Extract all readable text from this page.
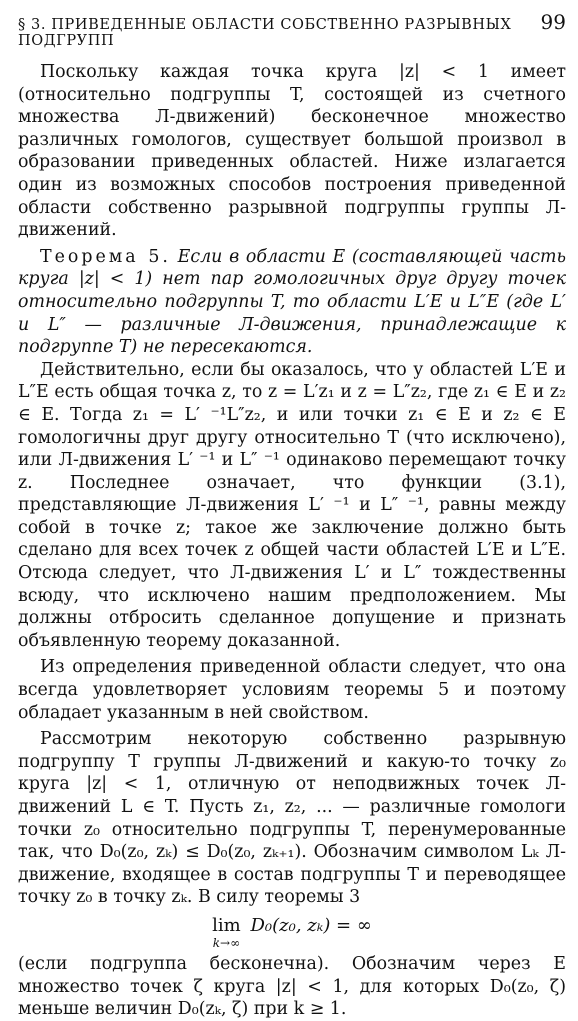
§ 3. ПРИВЕДЕННЫЕ ОБЛАСТИ СОБСТВЕННО РАЗРЫВНЫХ ПОДГРУПП
99

Поскольку каждая точка круга |z| < 1 имеет (относительно подгруппы T, состоящей из счетного множества Л-движений) бесконечное множество различных гомологов, существует большой произвол в образовании приведенных областей. Ниже излагается один из возможных способов построения приведенной области собственно разрывной подгруппы группы Л-движений.

Теорема 5. Если в области E (составляющей часть круга |z| < 1) нет пар гомологичных друг другу точек относительно подгруппы T, то области L′E и L″E (где L′ и L″ — различные Л-движения, принадлежащие к подгруппе T) не пересекаются.

Действительно, если бы оказалось, что у областей L′E и L″E есть общая точка z, то z = L′z₁ и z = L″z₂, где z₁ ∈ E и z₂ ∈ E. Тогда z₁ = L′ ⁻¹L″z₂, и или точки z₁ ∈ E и z₂ ∈ E гомологичны друг другу относительно T (что исключено), или Л-движения L′ ⁻¹ и L″ ⁻¹ одинаково перемещают точку z. Последнее означает, что функции (3.1), представляющие Л-движения L′ ⁻¹ и L″ ⁻¹, равны между собой в точке z; такое же заключение должно быть сделано для всех точек z общей части областей L′E и L″E. Отсюда следует, что Л-движения L′ и L″ тождественны всюду, что исключено нашим предположением. Мы должны отбросить сделанное допущение и признать объявленную теорему доказанной.

Из определения приведенной области следует, что она всегда удовлетворяет условиям теоремы 5 и поэтому обладает указанным в ней свойством.

Рассмотрим некоторую собственно разрывную подгруппу T группы Л-движений и какую-то точку z₀ круга |z| < 1, отличную от неподвижных точек Л-движений L ∈ T. Пусть z₁, z₂, ... — различные гомологи точки z₀ относительно подгруппы T, перенумерованные так, что D₀(z₀, zₖ) ≤ D₀(z₀, zₖ₊₁). Обозначим символом Lₖ Л-движение, входящее в состав подгруппы T и переводящее точку z₀ в точку zₖ. В силу теоремы 3

lim
k→∞
D₀(z₀, zₖ) = ∞

(если подгруппа бесконечна). Обозначим через E множество точек ζ круга |z| < 1, для которых D₀(z₀, ζ) меньше величин D₀(zₖ, ζ) при k ≥ 1.
